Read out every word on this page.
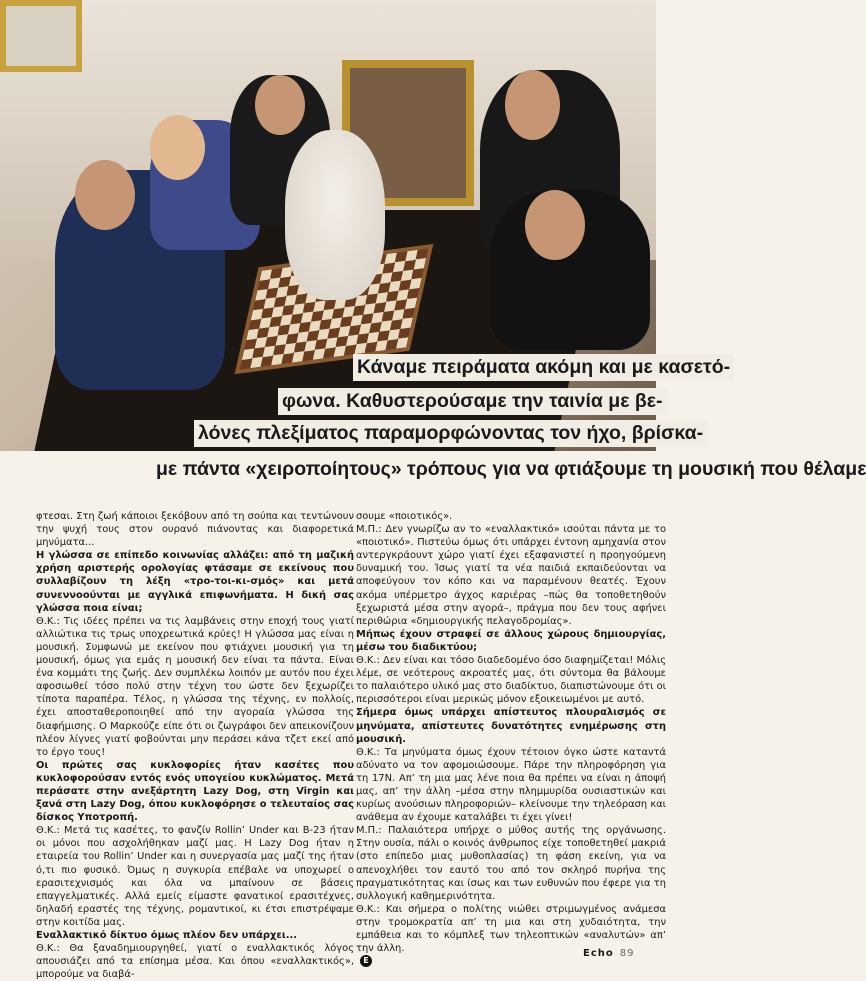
Κάναμε πειράματα ακόμη και με κασετό-
φωνα. Καθυστερούσαμε την ταινία με βε-
λόνες πλεξίματος παραμορφώνοντας τον ήχο, βρίσκα-
με πάντα «χειροποίητους» τρόπους για να φτιάξουμε τη μουσική που θέλαμε

φτεσαι. Στη ζωή κάποιοι ξεκόβουν από τη σούπα και τεντώνουν την ψυχή τους στον ουρανό πιάνοντας και διαφορετικά μηνύματα...

Η γλώσσα σε επίπεδο κοινωνίας αλλάζει: από τη μαζική χρήση αριστερής ορολογίας φτάσαμε σε εκείνους που συλλαβίζουν τη λέξη «τρο-τοι-κι-σμός» και μετά συνεννοούνται με αγγλικά επιφωνήματα. Η δική σας γλώσσα ποια είναι;

Θ.Κ.: Τις ιδέες πρέπει να τις λαμβάνεις στην εποχή τους γιατί αλλιώτικα τις τρως υποχρεωτικά κρύες! Η γλώσσα μας είναι η μουσική. Συμφωνώ με εκείνον που φτιάχνει μουσική για τη μουσική, όμως για εμάς η μουσική δεν είναι τα πάντα. Είναι ένα κομμάτι της ζωής. Δεν συμπλέκω λοιπόν με αυτόν που έχει αφοσιωθεί τόσο πολύ στην τέχνη του ώστε δεν ξεχωρίζει τίποτα παραπέρα. Τέλος, η γλώσσα της τέχνης, εν πολλοίς, έχει αποσταθεροποιηθεί από την αγοραία γλώσσα της διαφήμισης. Ο Μαρκούζε είπε ότι οι ζωγράφοι δεν απεικονίζουν πλέον λίγνες γιατί φοβούνται μην περάσει κάνα τζετ εκεί από το έργο τους!

Οι πρώτες σας κυκλοφορίες ήταν κασέτες που κυκλοφορούσαν εντός ενός υπογείου κυκλώματος. Μετά περάσατε στην ανεξάρτητη Lazy Dog, στη Virgin και ξανά στη Lazy Dog, όπου κυκλοφόρησε ο τελευταίος σας δίσκος Υποτροπή.

Θ.Κ.: Μετά τις κασέτες, το φανζίν Rollin’ Under και Β-23 ήταν οι μόνοι που ασχολήθηκαν μαζί μας. Η Lazy Dog ήταν η εταιρεία του Rollin’ Under και η συνεργασία μας μαζί της ήταν ό,τι πιο φυσικό. Όμως η συγκυρία επέβαλε να υποχωρεί ο ερασιτεχνισμός και όλα να μπαίνουν σε βάσεις επαγγελματικές. Αλλά εμείς είμαστε φανατικοί ερασιτέχνες, δηλαδή εραστές της τέχνης, ρομαντικοί, κι έτσι επιστρέψαμε στην κοιτίδα μας.

Εναλλακτικό δίκτυο όμως πλέον δεν υπάρχει...

Θ.Κ.: Θα ξαναδημιουργηθεί, γιατί ο εναλλακτικός λόγος απουσιάζει από τα επίσημα μέσα. Και όπου «εναλλακτικός», μπορούμε να διαβά-

σουμε «ποιοτικός».

Μ.Π.: Δεν γνωρίζω αν το «εναλλακτικό» ισούται πάντα με το «ποιοτικό». Πιστεύω όμως ότι υπάρχει έντονη αμηχανία στον αντεργκράουντ χώρο γιατί έχει εξαφανιστεί η προηγούμενη δυναμική του. Ίσως γιατί τα νέα παιδιά εκπαιδεύονται να αποφεύγουν τον κόπο και να παραμένουν θεατές. Έχουν ακόμα υπέρμετρο άγχος καριέρας –πώς θα τοποθετηθούν ξεχωριστά μέσα στην αγορά–, πράγμα που δεν τους αφήνει περιθώρια «δημιουργικής πελαγοδρομίας».

Μήπως έχουν στραφεί σε άλλους χώρους δημιουργίας, μέσω του διαδικτύου;

Θ.Κ.: Δεν είναι και τόσο διαδεδομένο όσο διαφημίζεται! Μόλις λέμε, σε νεότερους ακροατές μας, ότι σύντομα θα βάλουμε το παλαιότερο υλικό μας στο διαδίκτυο, διαπιστώνουμε ότι οι περισσότεροι είναι μερικώς μόνον εξοικειωμένοι με αυτό.

Σήμερα όμως υπάρχει απίστευτος πλουραλισμός σε μηνύματα, απίστευτες δυνατότητες ενημέρωσης στη μουσική.

Θ.Κ.: Τα μηνύματα όμως έχουν τέτοιον όγκο ώστε καταντά αδύνατο να τον αφομοιώσουμε. Πάρε την πληροφόρηση για τη 17Ν. Απ’ τη μια μας λένε ποια θα πρέπει να είναι η άποψή μας, απ’ την άλλη –μέσα στην πλημμυρίδα ουσιαστικών και κυρίως ανούσιων πληροφοριών– κλείνουμε την τηλεόραση και ανάθεμα αν έχουμε καταλάβει τι έχει γίνει!

Μ.Π.: Παλαιότερα υπήρχε ο μύθος αυτής της οργάνωσης. Στην ουσία, πάλι ο κοινός άνθρωπος είχε τοποθετηθεί μακριά (στο επίπεδο μιας μυθοπλασίας) τη φάση εκείνη, για να απενοχλήθει τον εαυτό του από τον σκληρό πυρήνα της πραγματικότητας και ίσως και των ευθυνών που έφερε για τη συλλογική καθημερινότητα.

Θ.Κ.: Και σήμερα ο πολίτης νιώθει στριμωγμένος ανάμεσα στην τρομοκρατία απ’ τη μια και στη χυδαιότητα, την εμπάθεια και το κόμπλεξ των τηλεοπτικών «αναλυτών» απ’ την άλλη.

E
Echo 89
